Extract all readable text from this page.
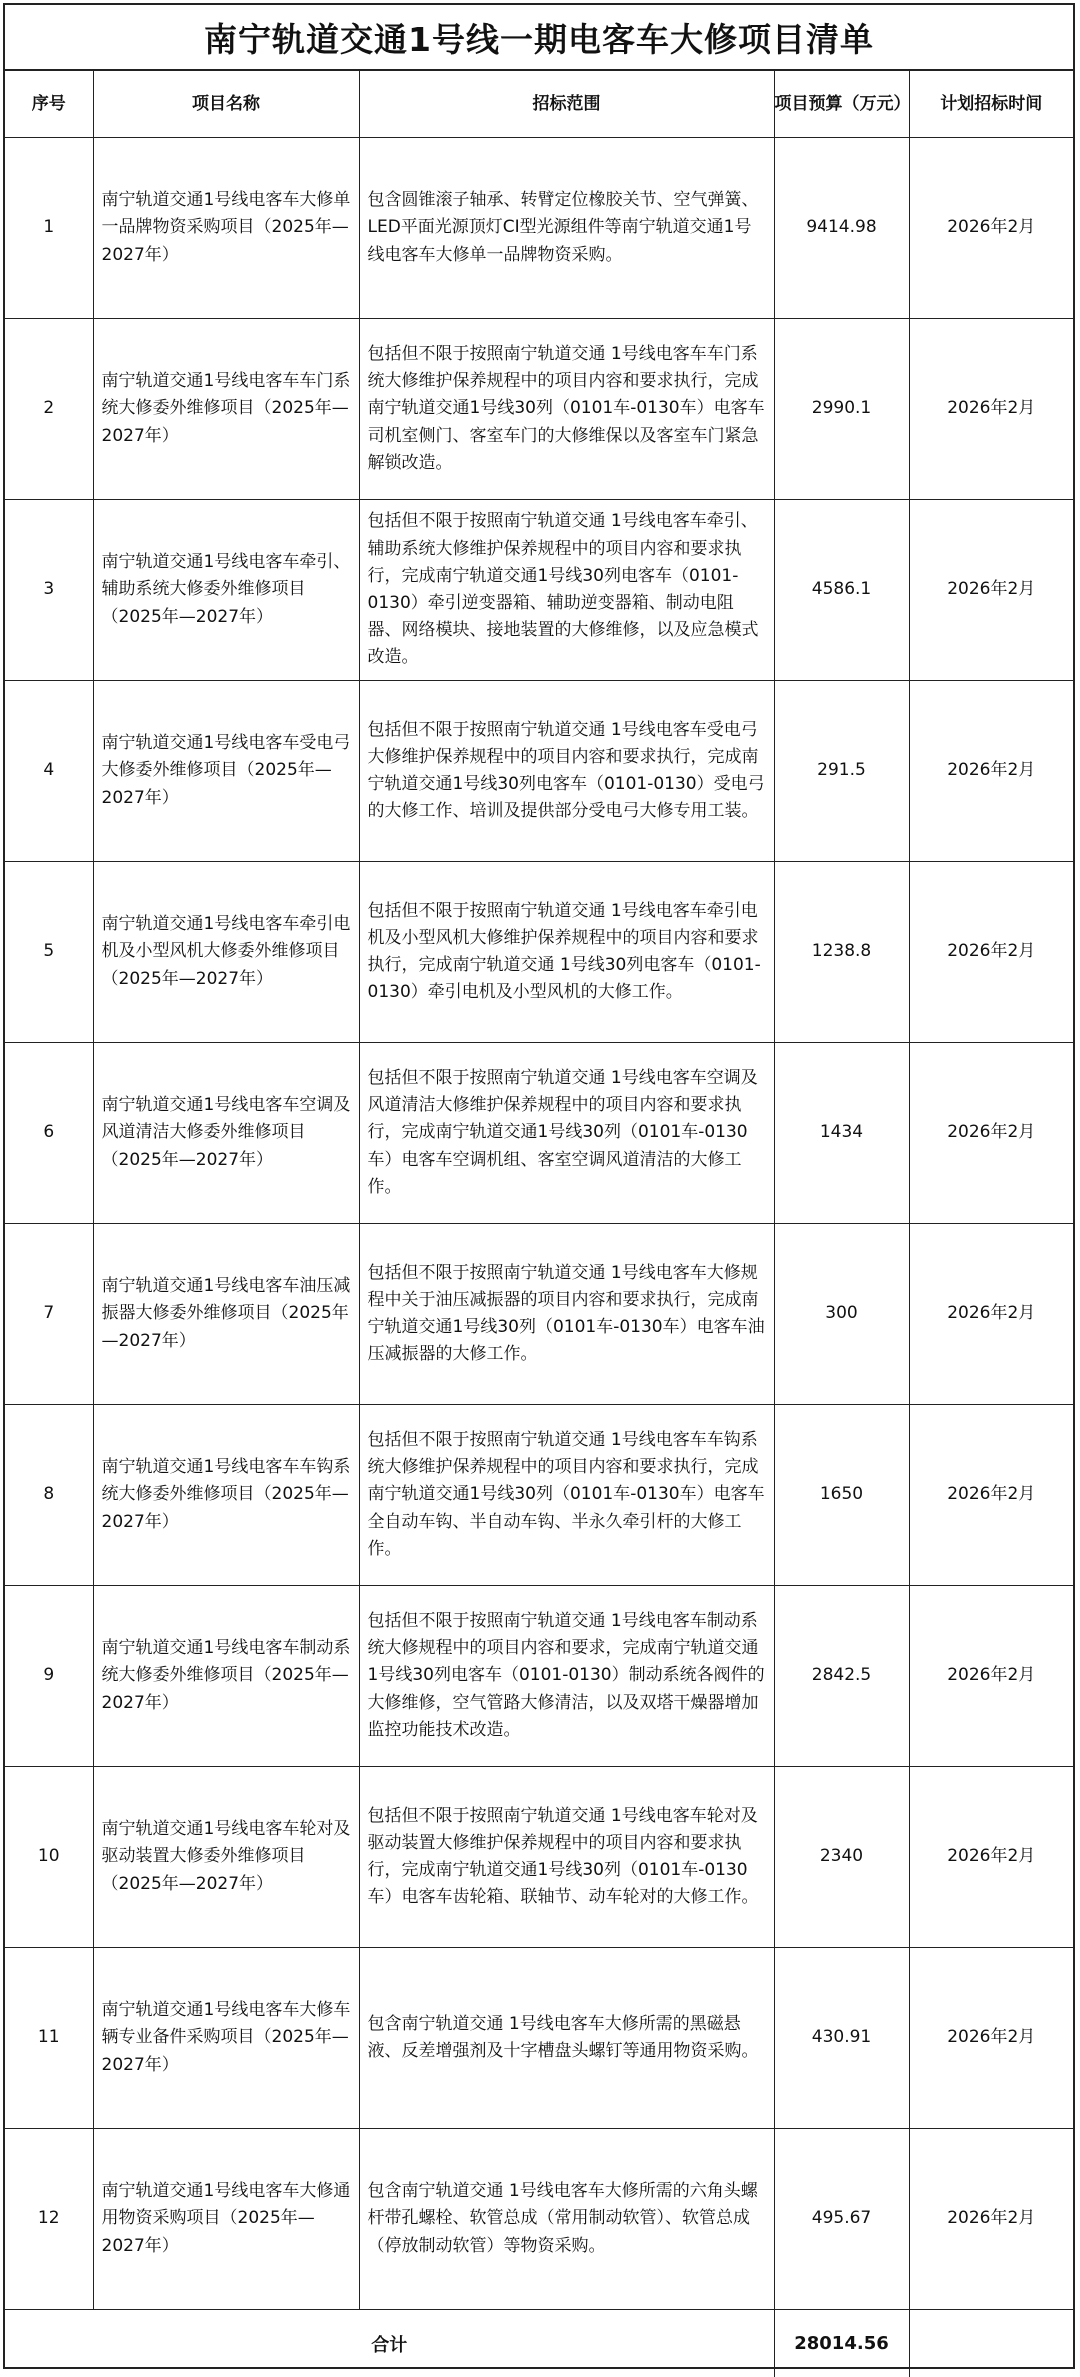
南宁轨道交通1号线一期电客车大修项目清单
序号	项目名称	招标范围	项目预算（万元）	计划招标时间
1	南宁轨道交通1号线电客车大修单一品牌物资采购项目（2025年—2027年）	包含圆锥滚子轴承、转臂定位橡胶关节、空气弹簧、LED平面光源顶灯CI型光源组件等南宁轨道交通1号线电客车大修单一品牌物资采购。	9414.98	2026年2月
2	南宁轨道交通1号线电客车车门系统大修委外维修项目（2025年—2027年）	包括但不限于按照南宁轨道交通 1号线电客车车门系统大修维护保养规程中的项目内容和要求执行，完成南宁轨道交通1号线30列（0101车-0130车）电客车司机室侧门、客室车门的大修维保以及客室车门紧急解锁改造。	2990.1	2026年2月
3	南宁轨道交通1号线电客车牵引、辅助系统大修委外维修项目（2025年—2027年）	包括但不限于按照南宁轨道交通 1号线电客车牵引、辅助系统大修维护保养规程中的项目内容和要求执行，完成南宁轨道交通1号线30列电客车（0101-0130）牵引逆变器箱、辅助逆变器箱、制动电阻器、网络模块、接地装置的大修维修，以及应急模式改造。	4586.1	2026年2月
4	南宁轨道交通1号线电客车受电弓大修委外维修项目（2025年—2027年）	包括但不限于按照南宁轨道交通 1号线电客车受电弓大修维护保养规程中的项目内容和要求执行，完成南宁轨道交通1号线30列电客车（0101-0130）受电弓的大修工作、培训及提供部分受电弓大修专用工装。	291.5	2026年2月
5	南宁轨道交通1号线电客车牵引电机及小型风机大修委外维修项目（2025年—2027年）	包括但不限于按照南宁轨道交通 1号线电客车牵引电机及小型风机大修维护保养规程中的项目内容和要求执行，完成南宁轨道交通 1号线30列电客车（0101-0130）牵引电机及小型风机的大修工作。	1238.8	2026年2月
6	南宁轨道交通1号线电客车空调及风道清洁大修委外维修项目（2025年—2027年）	包括但不限于按照南宁轨道交通 1号线电客车空调及风道清洁大修维护保养规程中的项目内容和要求执行，完成南宁轨道交通1号线30列（0101车-0130车）电客车空调机组、客室空调风道清洁的大修工作。	1434	2026年2月
7	南宁轨道交通1号线电客车油压减振器大修委外维修项目（2025年—2027年）	包括但不限于按照南宁轨道交通 1号线电客车大修规程中关于油压减振器的项目内容和要求执行，完成南宁轨道交通1号线30列（0101车-0130车）电客车油压减振器的大修工作。	300	2026年2月
8	南宁轨道交通1号线电客车车钩系统大修委外维修项目（2025年—2027年）	包括但不限于按照南宁轨道交通 1号线电客车车钩系统大修维护保养规程中的项目内容和要求执行，完成南宁轨道交通1号线30列（0101车-0130车）电客车全自动车钩、半自动车钩、半永久牵引杆的大修工作。	1650	2026年2月
9	南宁轨道交通1号线电客车制动系统大修委外维修项目（2025年—2027年）	包括但不限于按照南宁轨道交通 1号线电客车制动系统大修规程中的项目内容和要求，完成南宁轨道交通1号线30列电客车（0101-0130）制动系统各阀件的大修维修，空气管路大修清洁，以及双塔干燥器增加监控功能技术改造。	2842.5	2026年2月
10	南宁轨道交通1号线电客车轮对及驱动装置大修委外维修项目（2025年—2027年）	包括但不限于按照南宁轨道交通 1号线电客车轮对及驱动装置大修维护保养规程中的项目内容和要求执行，完成南宁轨道交通1号线30列（0101车-0130车）电客车齿轮箱、联轴节、动车轮对的大修工作。	2340	2026年2月
11	南宁轨道交通1号线电客车大修车辆专业备件采购项目（2025年—2027年）	包含南宁轨道交通 1号线电客车大修所需的黑磁悬液、反差增强剂及十字槽盘头螺钉等通用物资采购。	430.91	2026年2月
12	南宁轨道交通1号线电客车大修通用物资采购项目（2025年—2027年）	包含南宁轨道交通 1号线电客车大修所需的六角头螺杆带孔螺栓、软管总成（常用制动软管）、软管总成（停放制动软管）等物资采购。	495.67	2026年2月
合计			28014.56	
